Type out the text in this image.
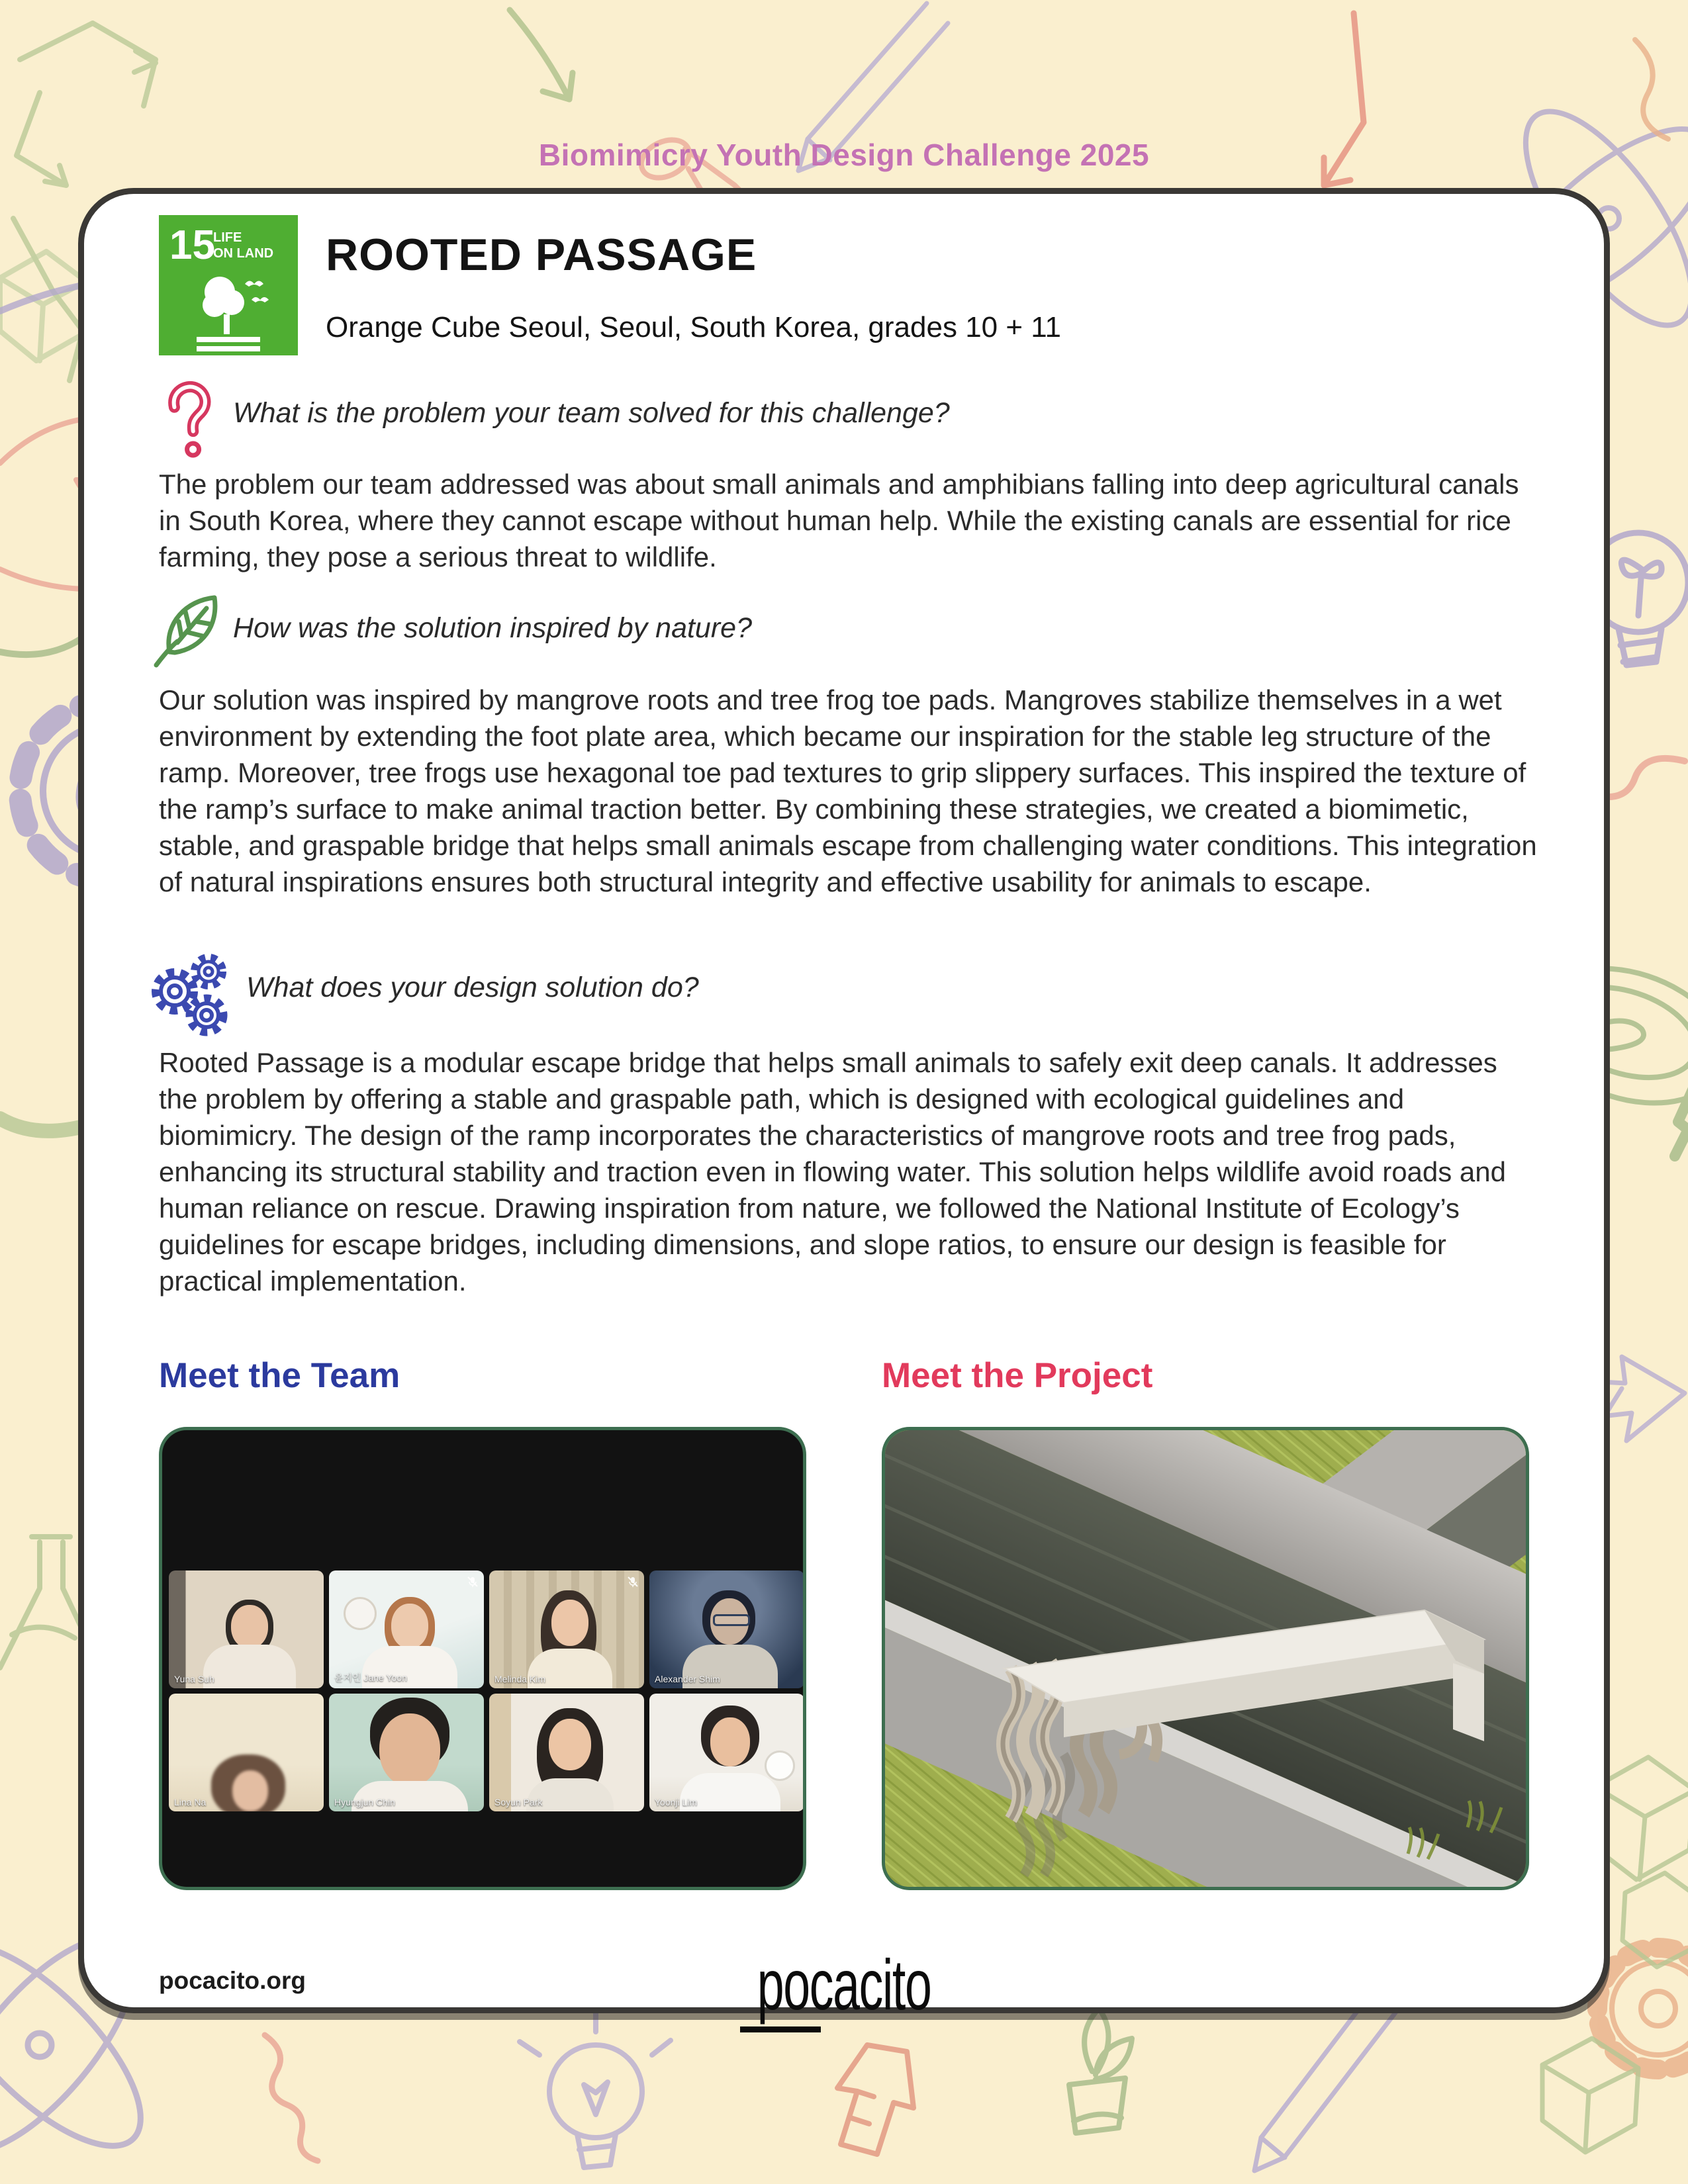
Biomimicry Youth Design Challenge 2025
15
LIFE
ON LAND ROOTED PASSAGE
Orange Cube Seoul, Seoul, South Korea, grades 10 + 11
What is the problem your team solved for this challenge?
The problem our team addressed was about small animals and amphibians falling into deep agricultural canals in South Korea, where they cannot escape without human help. While the existing canals are essential for rice farming, they pose a serious threat to wildlife.
How was the solution inspired by nature?
Our solution was inspired by mangrove roots and tree frog toe pads. Mangroves stabilize themselves in a wet environment by extending the foot plate area, which became our inspiration for the stable leg structure of the ramp. Moreover, tree frogs use hexagonal toe pad textures to grip slippery surfaces. This inspired the texture of the ramp’s surface to make animal traction better. By combining these strategies, we created a biomimetic, stable, and graspable bridge that helps small animals escape from challenging water conditions. This integration of natural inspirations ensures both structural integrity and effective usability for animals to escape.
What does your design solution do?
Rooted Passage is a modular escape bridge that helps small animals to safely exit deep canals. It addresses the problem by offering a stable and graspable path, which is designed with ecological guidelines and biomimicry. The design of the ramp incorporates the characteristics of mangrove roots and tree frog pads, enhancing its structural stability and traction even in flowing water. This solution helps wildlife avoid roads and human reliance on rescue. Drawing inspiration from nature, we followed the National Institute of Ecology’s guidelines for escape bridges, including dimensions, and slope ratios, to ensure our design is feasible for practical implementation.
Meet the Team	Meet the Project
Yuna Suh	윤지인 Jane Yoon	Melinda Kim	Alexander Shim
Lina Na	Hyungjun Chin	Soyun Park	Yoonji Lim
pocacito.org	pocacito
